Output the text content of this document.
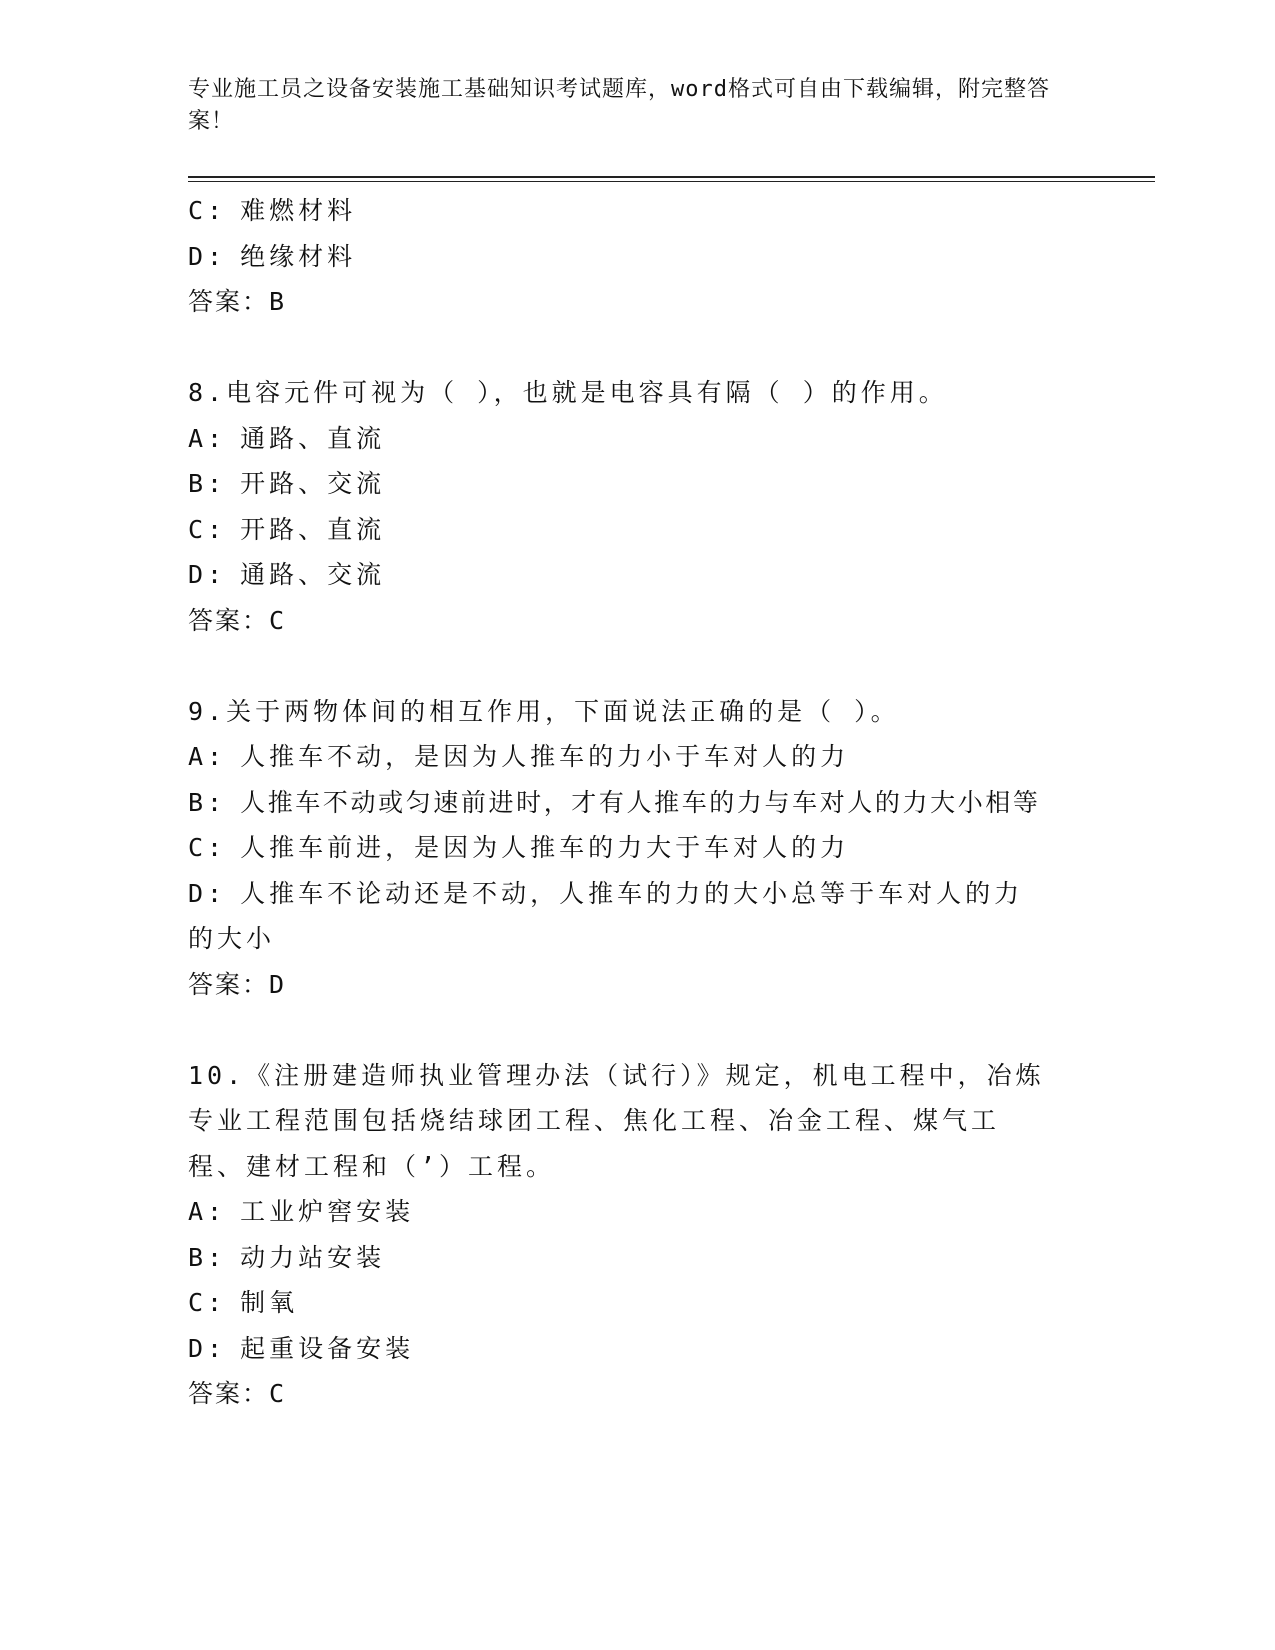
专业施工员之设备安装施工基础知识考试题库，word格式可自由下载编辑，附完整答案！
C: 难燃材料
D: 绝缘材料
答案：B
8.电容元件可视为（ ），也就是电容具有隔（ ）的作用。
A: 通路、直流
B: 开路、交流
C: 开路、直流
D: 通路、交流
答案：C
9.关于两物体间的相互作用，下面说法正确的是（ ）。
A: 人推车不动，是因为人推车的力小于车对人的力
B: 人推车不动或匀速前进时，才有人推车的力与车对人的力大小相等
C: 人推车前进，是因为人推车的力大于车对人的力
D: 人推车不论动还是不动，人推车的力的大小总等于车对人的力的大小
答案：D
10.《注册建造师执业管理办法（试行）》规定，机电工程中，冶炼专业工程范围包括烧结球团工程、焦化工程、冶金工程、煤气工程、建材工程和（’）工程。
A: 工业炉窖安装
B: 动力站安装
C: 制氧
D: 起重设备安装
答案：C
